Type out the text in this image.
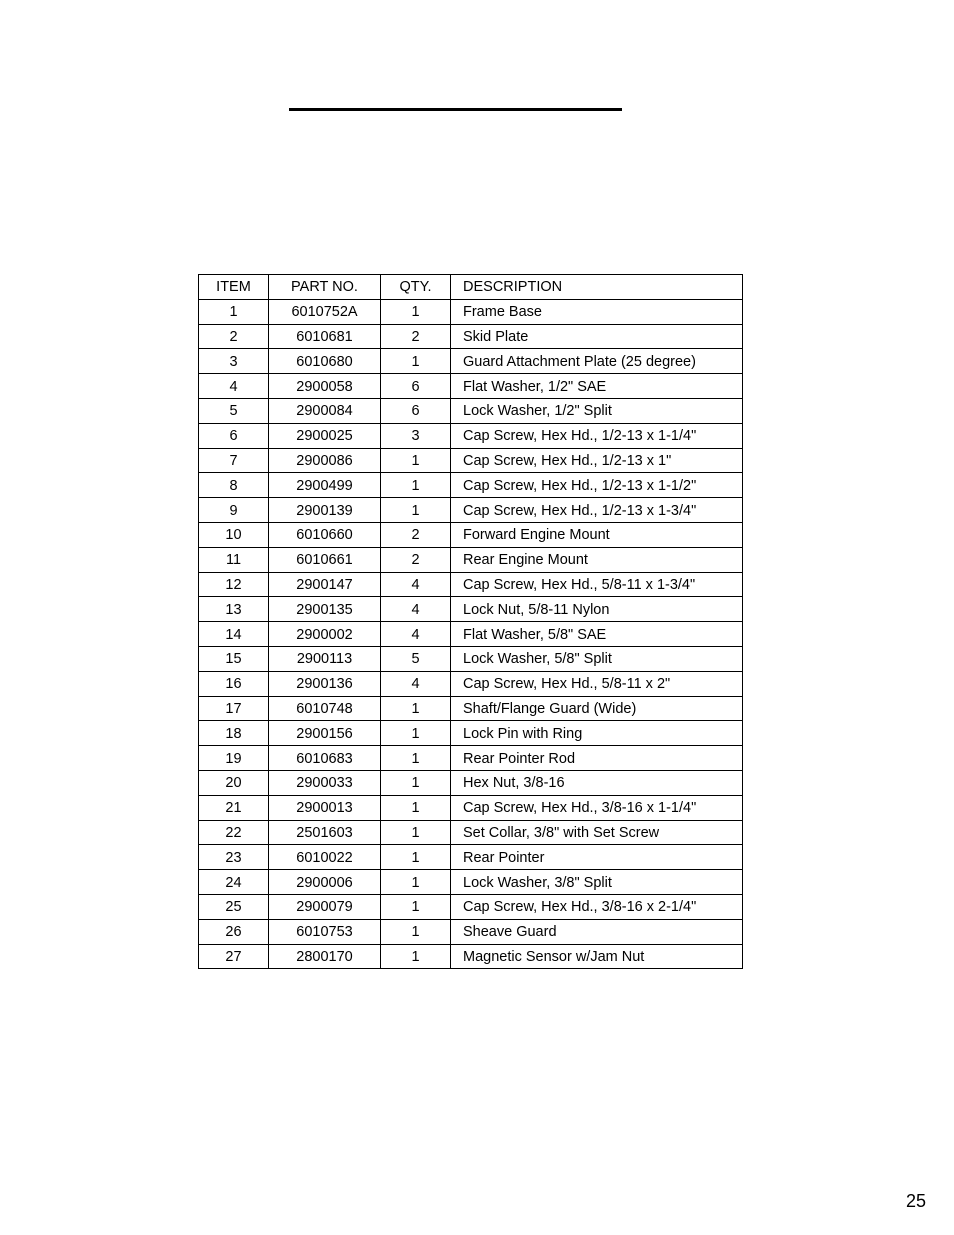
ITEM	PART NO.	QTY.	DESCRIPTION
1	6010752A	1	Frame Base
2	6010681	2	Skid Plate
3	6010680	1	Guard Attachment Plate (25 degree)
4	2900058	6	Flat Washer, 1/2" SAE
5	2900084	6	Lock Washer, 1/2" Split
6	2900025	3	Cap Screw, Hex Hd., 1/2-13 x 1-1/4"
7	2900086	1	Cap Screw, Hex Hd., 1/2-13 x 1"
8	2900499	1	Cap Screw, Hex Hd., 1/2-13 x 1-1/2"
9	2900139	1	Cap Screw, Hex Hd., 1/2-13 x 1-3/4"
10	6010660	2	Forward Engine Mount
11	6010661	2	Rear Engine Mount
12	2900147	4	Cap Screw, Hex Hd., 5/8-11 x 1-3/4"
13	2900135	4	Lock Nut, 5/8-11 Nylon
14	2900002	4	Flat Washer, 5/8" SAE
15	2900113	5	Lock Washer, 5/8" Split
16	2900136	4	Cap Screw, Hex Hd., 5/8-11 x 2"
17	6010748	1	Shaft/Flange Guard (Wide)
18	2900156	1	Lock Pin with Ring
19	6010683	1	Rear Pointer Rod
20	2900033	1	Hex Nut, 3/8-16
21	2900013	1	Cap Screw, Hex Hd., 3/8-16 x 1-1/4"
22	2501603	1	Set Collar, 3/8" with Set Screw
23	6010022	1	Rear Pointer
24	2900006	1	Lock Washer, 3/8" Split
25	2900079	1	Cap Screw, Hex Hd., 3/8-16 x 2-1/4"
26	6010753	1	Sheave Guard
27	2800170	1	Magnetic Sensor w/Jam Nut
25
